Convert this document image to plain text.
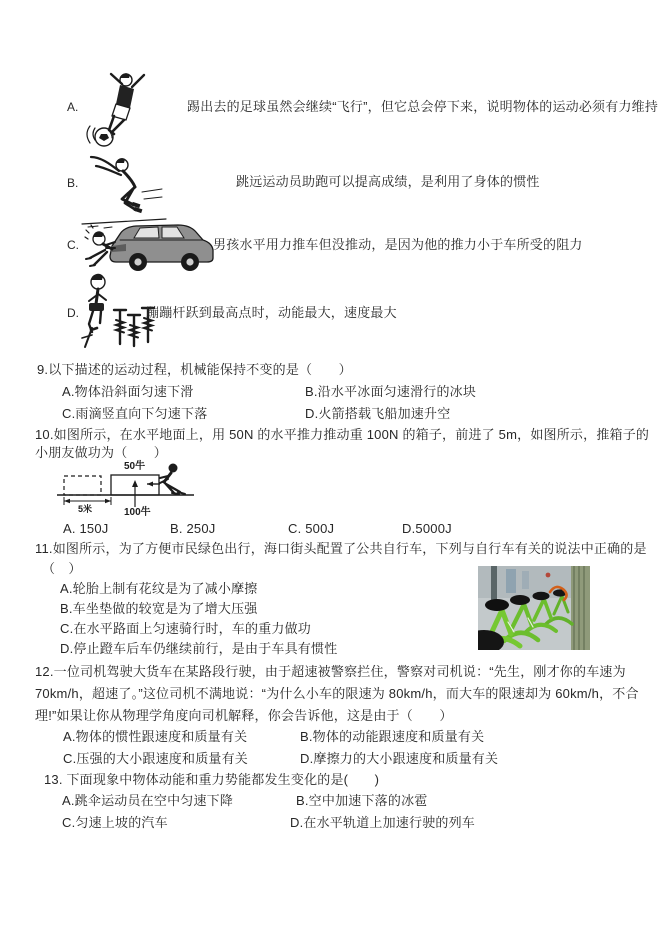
A.	踢出去的足球虽然会继续“飞行”，但它总会停下来，说明物体的运动必须有力维持
B.	跳远运动员助跑可以提高成绩，是利用了身体的惯性
C.	男孩水平用力推车但没推动，是因为他的推力小于车所受的阻力
D.	蹦蹦杆跃到最高点时，动能最大，速度最大
9.以下描述的运动过程，机械能保持不变的是（　　）
A.物体沿斜面匀速下滑	B.沿水平冰面匀速滑行的冰块
C.雨滴竖直向下匀速下落	D.火箭搭载飞船加速升空
10.如图所示，在水平地面上，用 50N 的水平推力推动重 100N 的箱子，前进了 5m，如图所示，推箱子的
小朋友做功为（　　）
50牛
100牛
5米
A. 150J	B. 250J	C. 500J	D.5000J
11.如图所示，为了方便市民绿色出行，海口街头配置了公共自行车，下列与自行车有关的说法中正确的是
（　）
A.轮胎上制有花纹是为了减小摩擦
B.车坐垫做的较宽是为了增大压强
C.在水平路面上匀速骑行时，车的重力做功
D.停止蹬车后车仍继续前行，是由于车具有惯性
12.一位司机驾驶大货车在某路段行驶，由于超速被警察拦住，警察对司机说：“先生，刚才你的车速为
70km/h，超速了。”这位司机不满地说：“为什么小车的限速为 80km/h，而大车的限速却为 60km/h，不合
理!”如果让你从物理学角度向司机解释，你会告诉他，这是由于（　　）
A.物体的惯性跟速度和质量有关	B.物体的动能跟速度和质量有关
C.压强的大小跟速度和质量有关	D.摩擦力的大小跟速度和质量有关
13. 下面现象中物体动能和重力势能都发生变化的是(　　)
A.跳伞运动员在空中匀速下降	B.空中加速下落的冰雹
C.匀速上坡的汽车	D.在水平轨道上加速行驶的列车
